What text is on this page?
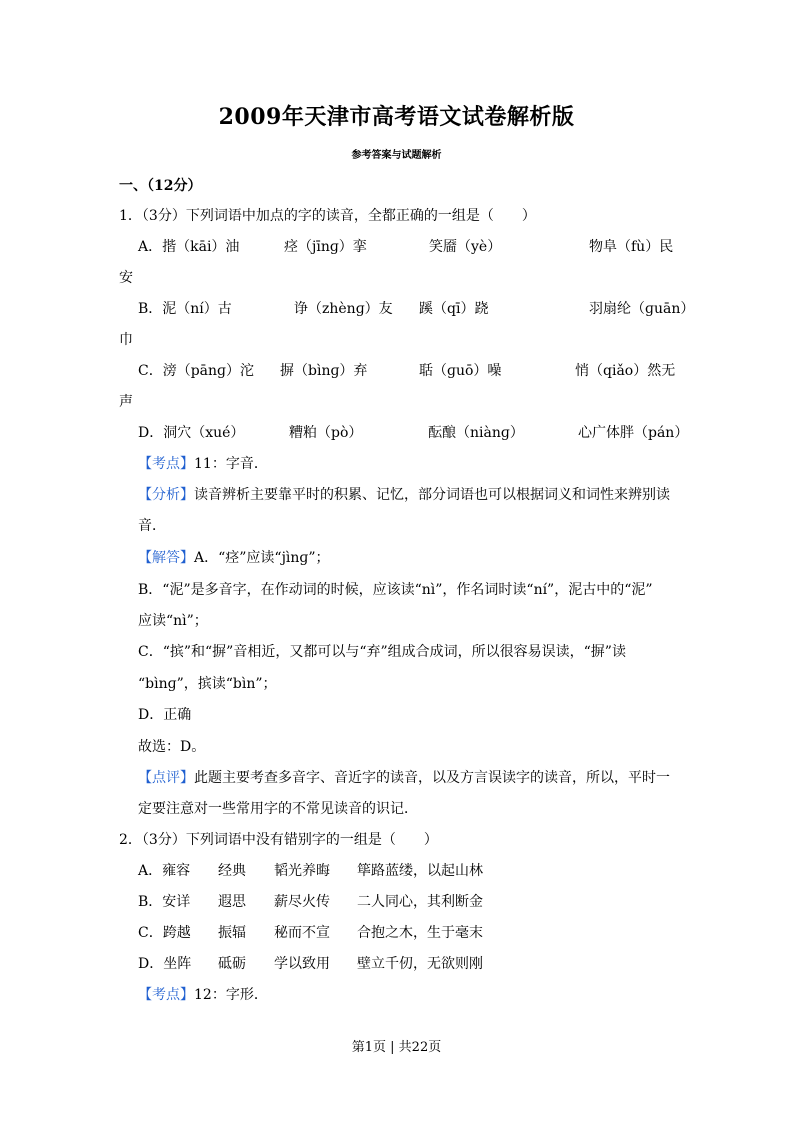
2009年天津市高考语文试卷解析版
参考答案与试题解析
一、（12分）
1．（3分）下列词语中加点的字的读音，全都正确的一组是（　　）
A．揩（kāi）油	痉（jīnɡ）挛	笑靥（yè）	物阜（fù）民
安
B．泥（ní）古	诤（zhènɡ）友 蹊（qī）跷	羽扇纶（ɡuān）
巾
C．滂（pānɡ）沱 摒（bìnɡ）弃	聒（ɡuō）噪	悄（qiǎo）然无
声
D．洞穴（xué）	糟粕（pò）	酝酿（niànɡ）	心广体胖（pán）
【考点】11：字音．
【分析】读音辨析主要靠平时的积累、记忆，部分词语也可以根据词义和词性来辨别读
音．
【解答】A．“痉”应读“jìnɡ”；
B．“泥”是多音字，在作动词的时候，应该读“nì”，作名词时读“ní”，泥古中的“泥”
应读“nì”；
C．“摈”和“摒”音相近，又都可以与“弃”组成合成词，所以很容易误读，“摒”读
“bìnɡ”，摈读“bìn”；
D．正确
故选：D。
【点评】此题主要考查多音字、音近字的读音，以及方言误读字的读音，所以，平时一
定要注意对一些常用字的不常见读音的识记．
2．（3分）下列词语中没有错别字的一组是（　　）
A．雍容 经典 韬光养晦 筚路蓝缕，以起山林
B．安详 遐思 薪尽火传 二人同心，其利断金
C．跨越 振辐 秘而不宣 合抱之木，生于毫末
D．坐阵 砥砺 学以致用 壁立千仞，无欲则刚
【考点】12：字形．
第1页 | 共22页
